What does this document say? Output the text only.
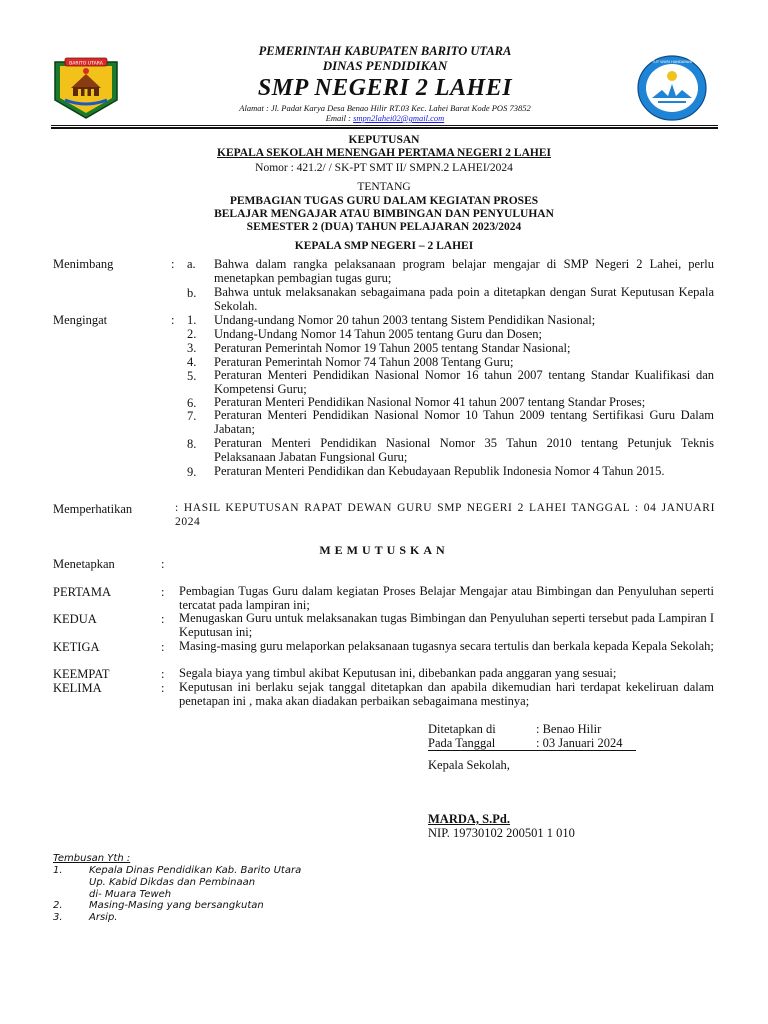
BARITO UTARA
PEMERINTAH KABUPATEN BARITO UTARA
DINAS PENDIDIKAN
SMP NEGERI 2 LAHEI
Alamat : Jl. Padat Karya Desa Benao Hilir RT.03 Kec. Lahei Barat Kode POS 73852
Email : smpn2lahei02@gmail.com
TUT WURI HANDAYANI
KEPUTUSAN
KEPALA SEKOLAH MENENGAH PERTAMA NEGERI 2 LAHEI
Nomor : 421.2/ / SK-PT SMT II/ SMPN.2 LAHEI/2024
TENTANG
PEMBAGIAN TUGAS GURU DALAM KEGIATAN PROSES
BELAJAR MENGAJAR ATAU BIMBINGAN DAN PENYULUHAN
SEMESTER 2 (DUA) TAHUN PELAJARAN 2023/2024
KEPALA SMP NEGERI – 2 LAHEI
Menimbang	: a. Bahwa dalam rangka pelaksanaan program belajar mengajar di SMP Negeri 2 Lahei, perlu menetapkan pembagian tugas guru;
b. Bahwa untuk melaksanakan sebagaimana pada poin a ditetapkan dengan Surat Keputusan Kepala Sekolah.
Mengingat	: 1. Undang-undang Nomor 20 tahun 2003 tentang Sistem Pendidikan Nasional;
2. Undang-Undang Nomor 14 Tahun 2005 tentang Guru dan Dosen;
3. Peraturan Pemerintah Nomor 19 Tahun 2005 tentang Standar Nasional;
4. Peraturan Pemerintah Nomor 74 Tahun 2008 Tentang Guru;
5. Peraturan Menteri Pendidikan Nasional Nomor 16 tahun 2007 tentang Standar Kualifikasi dan Kompetensi Guru;
6. Peraturan Menteri Pendidikan Nasional Nomor 41 tahun 2007 tentang Standar Proses;
7. Peraturan Menteri Pendidikan Nasional Nomor 10 Tahun 2009 tentang Sertifikasi Guru Dalam Jabatan;
8. Peraturan Menteri Pendidikan Nasional Nomor 35 Tahun 2010 tentang Petunjuk Teknis Pelaksanaan Jabatan Fungsional Guru;
9. Peraturan Menteri Pendidikan dan Kebudayaan Republik Indonesia Nomor 4 Tahun 2015.
Memperhatikan	: HASIL KEPUTUSAN RAPAT DEWAN GURU SMP NEGERI 2 LAHEI TANGGAL : 04 JANUARI 2024
MEMUTUSKAN
Menetapkan	:
PERTAMA	: Pembagian Tugas Guru dalam kegiatan Proses Belajar Mengajar atau Bimbingan dan Penyuluhan seperti tercatat pada lampiran ini;
KEDUA	: Menugaskan Guru untuk melaksanakan tugas Bimbingan dan Penyuluhan seperti tersebut pada Lampiran I Keputusan ini;
KETIGA	: Masing-masing guru melaporkan pelaksanaan tugasnya secara tertulis dan berkala kepada Kepala Sekolah;
KEEMPAT	: Segala biaya yang timbul akibat Keputusan ini, dibebankan pada anggaran yang sesuai;
KELIMA	: Keputusan ini berlaku sejak tanggal ditetapkan dan apabila dikemudian hari terdapat kekeliruan dalam penetapan ini , maka akan diadakan perbaikan sebagaimana mestinya;
Ditetapkan di	: Benao Hilir
Pada Tanggal	: 03 Januari 2024
Kepala Sekolah,
MARDA, S.Pd.
NIP. 19730102 200501 1 010
Tembusan Yth :
1.	Kepala Dinas Pendidikan Kab. Barito Utara
Up. Kabid Dikdas dan Pembinaan
di- Muara Teweh
2.	Masing-Masing yang bersangkutan
3.	Arsip.
